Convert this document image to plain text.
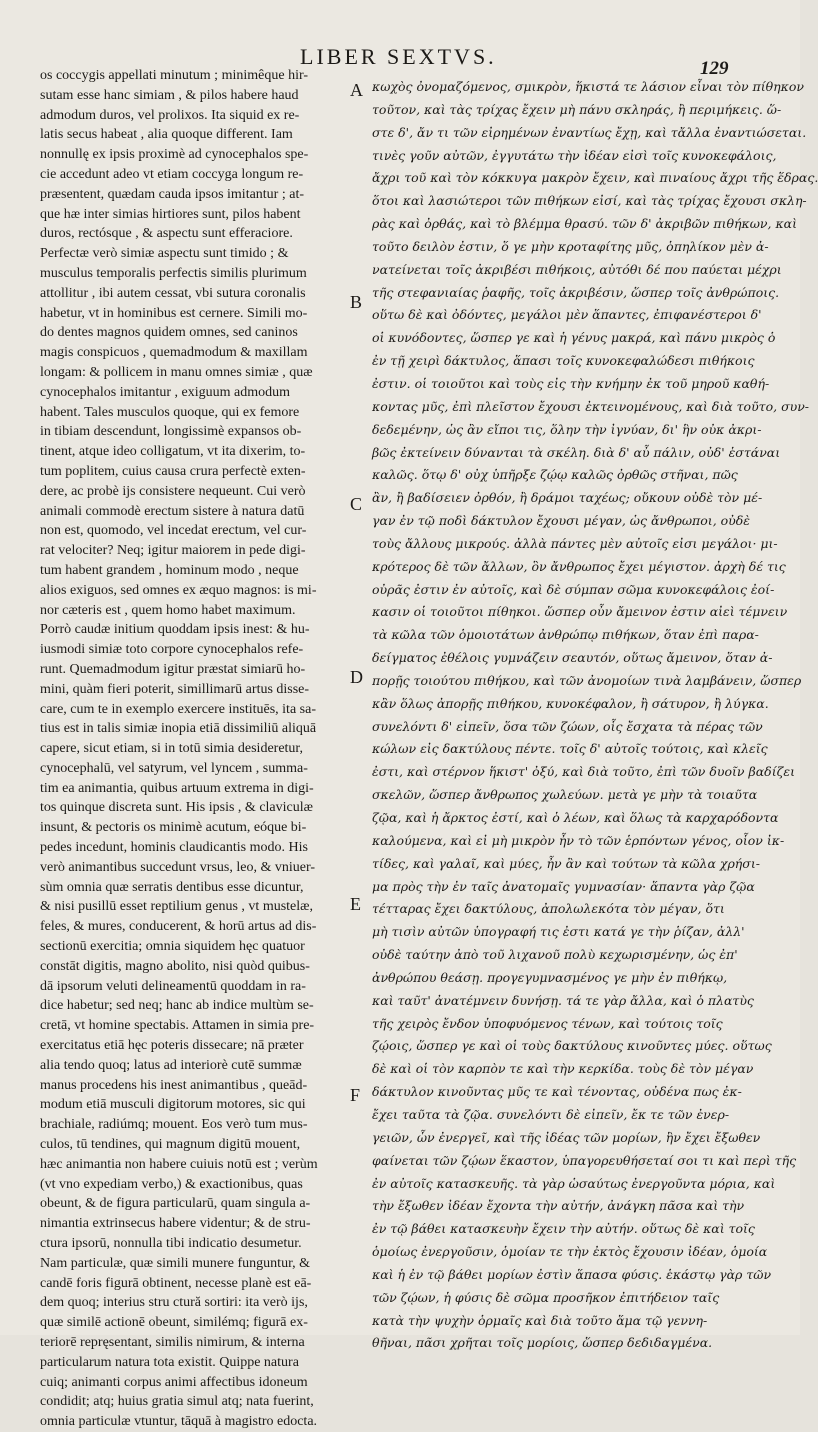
LIBER SEXTVS.	129
os coccygis appellati minutum ; minimêque hir-
sutam esse hanc simiam , & pilos habere haud
admodum duros, vel prolixos. Ita siquid ex re-
latis secus habeat , alia quoque different. Iam
nonnullę ex ipsis proximè ad cynocephalos spe-
cie accedunt adeo vt etiam coccyga longum re-
præsentent, quædam cauda ipsos imitantur ; at-
que hæ inter simias hirtiores sunt, pilos habent
duros, rectósque , & aspectu sunt efferaciore.
Perfectæ verò simiæ aspectu sunt timido ; &
musculus temporalis perfectis similis plurimum
attollitur , ibi autem cessat, vbi sutura coronalis
habetur, vt in hominibus est cernere. Simili mo-
do dentes magnos quidem omnes, sed caninos
magis conspicuos , quemadmodum & maxillam
longam: & pollicem in manu omnes simiæ , quæ
cynocephalos imitantur , exiguum admodum
habent. Tales musculos quoque, qui ex femore
in tibiam descendunt, longissimè expansos ob-
tinent, atque ideo colligatum, vt ita dixerim, to-
tum poplitem, cuius causa crura perfectè exten-
dere, ac probè ijs consistere nequeunt. Cui verò
animali commodè erectum sistere à natura datū
non est, quomodo, vel incedat erectum, vel cur-
rat velociter? Neq; igitur maiorem in pede digi-
tum habent grandem , hominum modo , neque
alios exiguos, sed omnes ex æquo magnos: is mi-
nor cæteris est , quem homo habet maximum.
Porrò caudæ initium quoddam ipsis inest: & hu-
iusmodi simiæ toto corpore cynocephalos refe-
runt. Quemadmodum igitur præstat simiarū ho-
mini, quàm fieri poterit, simillimarū artus disse-
care, cum te in exemplo exercere instituēs, ita sa-
tius est in talis simiæ inopia etiā dissimiliū aliquā
capere, sicut etiam, si in totū simia desideretur,
cynocephalū, vel satyrum, vel lyncem , summa-
tim ea animantia, quibus artuum extrema in digi-
tos quinque discreta sunt. His ipsis , & claviculæ
insunt, & pectoris os minimè acutum, eóque bi-
pedes incedunt, hominis claudicantis modo. His
verò animantibus succedunt vrsus, leo, & vniuer-
sùm omnia quæ serratis dentibus esse dicuntur,
& nisi pusillū esset reptilium genus , vt mustelæ,
feles, & mures, conducerent, & horū artus ad dis-
sectionū exercitia; omnia siquidem hęc quatuor
constāt digitis, magno abolito, nisi quòd quibus-
dā ipsorum veluti delineamentū quoddam in ra-
dice habetur; sed neq; hanc ab indice multùm se-
cretā, vt homine spectabis. Attamen in simia pre-
exercitatus etiā hęc poteris dissecare; nā præter
alia tendo quoq; latus ad interiorè cutē summæ
manus procedens his inest animantibus , queād-
modum etiā musculi digitorum motores, sic qui
brachiale, radiúmq; mouent. Eos verò tum mus-
culos, tū tendines, qui magnum digitū mouent,
hæc animantia non habere cuiuis notū est ; verùm
(vt vno expediam verbo,) & exactionibus, quas
obeunt, & de figura particularū, quam singula a-
nimantia extrinsecus habere videntur; & de stru-
ctura ipsorū, nonnulla tibi indicatio desumetur.
Nam particulæ, quæ simili munere funguntur, &
candē foris figurā obtinent, necesse planè est eā-
dem quoq; interius stru ctură sortiri: ita verò ijs,
quæ similē actionē obeunt, similémq; figurā ex-
teriorē repręsentant, similis nimirum, & interna
particularum natura tota existit. Quippe natura
cuiq; animanti corpus animi affectibus idoneum
condidit; atq; huius gratia simul atq; nata fuerint,
omnia particulæ vtuntur, tāquā à magistro edocta.
κωχὸς ὀνομαζόμενος, σμικρὸν, ἥκιστά τε λάσιον εἶναι τὸν πίθηκον
τοῦτον, καὶ τὰς τρίχας ἔχειν μὴ πάνυ σκληράς, ἢ περιμήκεις. ὥ-
στε δ', ἄν τι τῶν εἰρημένων ἐναντίως ἔχῃ, καὶ τἄλλα ἐναντιώσεται.
τινὲς γοῦν αὐτῶν, ἐγγυτάτω τὴν ἰδέαν εἰσὶ τοῖς κυνοκεφάλοις,
ἄχρι τοῦ καὶ τὸν κόκκυγα μακρὸν ἔχειν, καὶ πιναίους ἄχρι τῆς ἕδρας.
ὅτοι καὶ λασιώτεροι τῶν πιθήκων εἰσί, καὶ τὰς τρίχας ἔχουσι σκλη-
ρὰς καὶ ὀρθάς, καὶ τὸ βλέμμα θρασύ. τῶν δ' ἀκριβῶν πιθήκων, καὶ
τοῦτο δειλὸν ἐστιν, ὅ γε μὴν κροταφίτης μῦς, ὁπηλίκον μὲν ἀ-
νατείνεται τοῖς ἀκριβέσι πιθήκοις, αὐτόθι δέ που παύεται μέχρι
τῆς στεφανιαίας ῥαφῆς, τοῖς ἀκριβέσιν, ὥσπερ τοῖς ἀνθρώποις.
οὕτω δὲ καὶ ὀδόντες, μεγάλοι μὲν ἅπαντες, ἐπιφανέστεροι δ'
οἱ κυνόδοντες, ὥσπερ γε καὶ ἡ γένυς μακρά, καὶ πάνυ μικρὸς ὁ
ἐν τῇ χειρὶ δάκτυλος, ἅπασι τοῖς κυνοκεφαλώδεσι πιθήκοις
ἐστιν. οἱ τοιοῦτοι καὶ τοὺς εἰς τὴν κνήμην ἐκ τοῦ μηροῦ καθή-
κοντας μῦς, ἐπὶ πλεῖστον ἔχουσι ἐκτεινομένους, καὶ διὰ τοῦτο, συν-
δεδεμένην, ὡς ἂν εἴποι τις, ὅλην τὴν ἰγνύαν, δι' ἣν οὐκ ἀκρι-
βῶς ἐκτείνειν δύνανται τὰ σκέλη. διὰ δ' αὖ πάλιν, οὐδ' ἑστάναι
καλῶς. ὅτῳ δ' οὐχ ὑπῆρξε ζῴῳ καλῶς ὀρθῶς στῆναι, πῶς
ἂν, ἢ βαδίσειεν ὀρθόν, ἢ δράμοι ταχέως; οὔκουν οὐδὲ τὸν μέ-
γαν ἐν τῷ ποδὶ δάκτυλον ἔχουσι μέγαν, ὡς ἄνθρωποι, οὐδὲ
τοὺς ἄλλους μικρούς. ἀλλὰ πάντες μὲν αὐτοῖς εἰσι μεγάλοι· μι-
κρότερος δὲ τῶν ἄλλων, ὃν ἄνθρωπος ἔχει μέγιστον. ἀρχὴ δέ τις
οὐρᾶς ἐστιν ἐν αὐτοῖς, καὶ δὲ σύμπαν σῶμα κυνοκεφάλοις ἐοί-
κασιν οἱ τοιοῦτοι πίθηκοι. ὥσπερ οὖν ἄμεινον ἐστιν αἰεὶ τέμνειν
τὰ κῶλα τῶν ὁμοιοτάτων ἀνθρώπῳ πιθήκων, ὅταν ἐπὶ παρα-
δείγματος ἐθέλοις γυμνάζειν σεαυτόν, οὕτως ἄμεινον, ὅταν ἀ-
πορῇς τοιούτου πιθήκου, καὶ τῶν ἀνομοίων τινὰ λαμβάνειν, ὥσπερ
κἂν ὅλως ἀπορῇς πιθήκου, κυνοκέφαλον, ἢ σάτυρον, ἢ λύγκα.
συνελόντι δ' εἰπεῖν, ὅσα τῶν ζώων, οἷς ἔσχατα τὰ πέρας τῶν
κώλων εἰς δακτύλους πέντε. τοῖς δ' αὐτοῖς τούτοις, καὶ κλεῖς
ἐστι, καὶ στέρνον ἥκιστ' ὀξύ, καὶ διὰ τοῦτο, ἐπὶ τῶν δυοῖν βαδίζει
σκελῶν, ὥσπερ ἄνθρωπος χωλεύων. μετὰ γε μὴν τὰ τοιαῦτα
ζῷα, καὶ ἡ ἄρκτος ἐστί, καὶ ὁ λέων, καὶ ὅλως τὰ καρχαρόδοντα
καλούμενα, καὶ εἰ μὴ μικρὸν ἦν τὸ τῶν ἑρπόντων γένος, οἷον ἰκ-
τίδες, καὶ γαλαῖ, καὶ μύες, ἦν ἂν καὶ τούτων τὰ κῶλα χρήσι-
μα πρὸς τὴν ἐν ταῖς ἀνατομαῖς γυμνασίαν· ἅπαντα γὰρ ζῷα
τέτταρας ἔχει δακτύλους, ἀπολωλεκότα τὸν μέγαν, ὅτι
μὴ τισὶν αὐτῶν ὑπογραφή τις ἐστι κατά γε τὴν ῥίζαν, ἀλλ'
οὐδὲ ταύτην ἀπὸ τοῦ λιχανοῦ πολὺ κεχωρισμένην, ὡς ἐπ'
ἀνθρώπου θεάσῃ. προγεγυμνασμένος γε μὴν ἐν πιθήκῳ,
καὶ ταῦτ' ἀνατέμνειν δυνήσῃ. τά τε γὰρ ἄλλα, καὶ ὁ πλατὺς
τῆς χειρὸς ἔνδον ὑποφυόμενος τένων, καὶ τούτοις τοῖς
ζῴοις, ὥσπερ γε καὶ οἱ τοὺς δακτύλους κινοῦντες μύες. οὕτως
δὲ καὶ οἱ τὸν καρπὸν τε καὶ τὴν κερκίδα. τοὺς δὲ τὸν μέγαν
δάκτυλον κινοῦντας μῦς τε καὶ τένοντας, οὐδένα πως ἐκ-
ἔχει ταῦτα τὰ ζῷα. συνελόντι δὲ εἰπεῖν, ἔκ τε τῶν ἐνερ-
γειῶν, ὧν ἐνεργεῖ, καὶ τῆς ἰδέας τῶν μορίων, ἣν ἔχει ἔξωθεν
φαίνεται τῶν ζῴων ἕκαστον, ὑπαγορευθήσεταί σοι τι καὶ περὶ τῆς
ἐν αὐτοῖς κατασκευῆς. τὰ γὰρ ὡσαύτως ἐνεργοῦντα μόρια, καὶ
τὴν ἔξωθεν ἰδέαν ἔχοντα τὴν αὐτήν, ἀνάγκη πᾶσα καὶ τὴν
ἐν τῷ βάθει κατασκευὴν ἔχειν τὴν αὐτήν. οὕτως δὲ καὶ τοῖς
ὁμοίως ἐνεργοῦσιν, ὁμοίαν τε τὴν ἐκτὸς ἔχουσιν ἰδέαν, ὁμοία
καὶ ἡ ἐν τῷ βάθει μορίων ἐστὶν ἅπασα φύσις. ἑκάστῳ γὰρ τῶν
τῶν ζῴων, ἡ φύσις δὲ σῶμα προσῆκον ἐπιτήδειον ταῖς
κατὰ τὴν ψυχὴν ὁρμαῖς καὶ διὰ τοῦτο ἅμα τῷ γεννη-
θῆναι, πᾶσι χρῆται τοῖς μορίοις, ὥσπερ δεδιδαγμένα.
A
B
C
D
E
F
